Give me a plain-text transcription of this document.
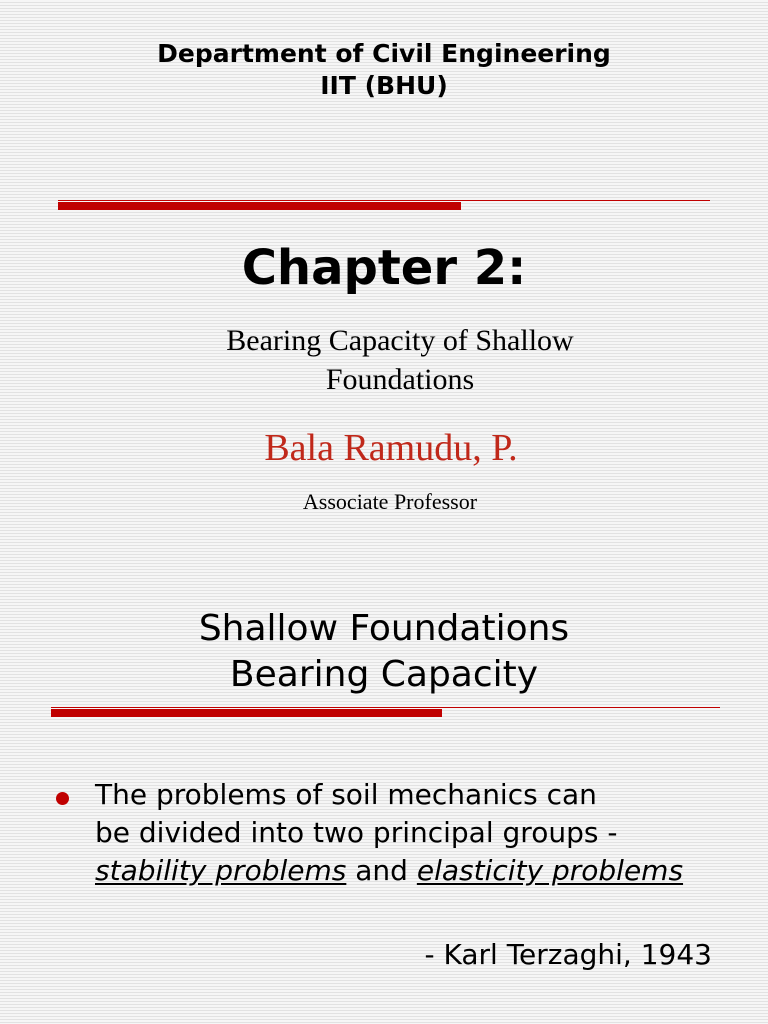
Department of Civil Engineering
IIT (BHU)
Chapter 2:
Bearing Capacity of Shallow
Foundations
Bala Ramudu, P.
Associate Professor
Shallow Foundations
Bearing Capacity
The problems of soil mechanics can
be divided into two principal groups -
stability problems and elasticity problems
- Karl Terzaghi, 1943
